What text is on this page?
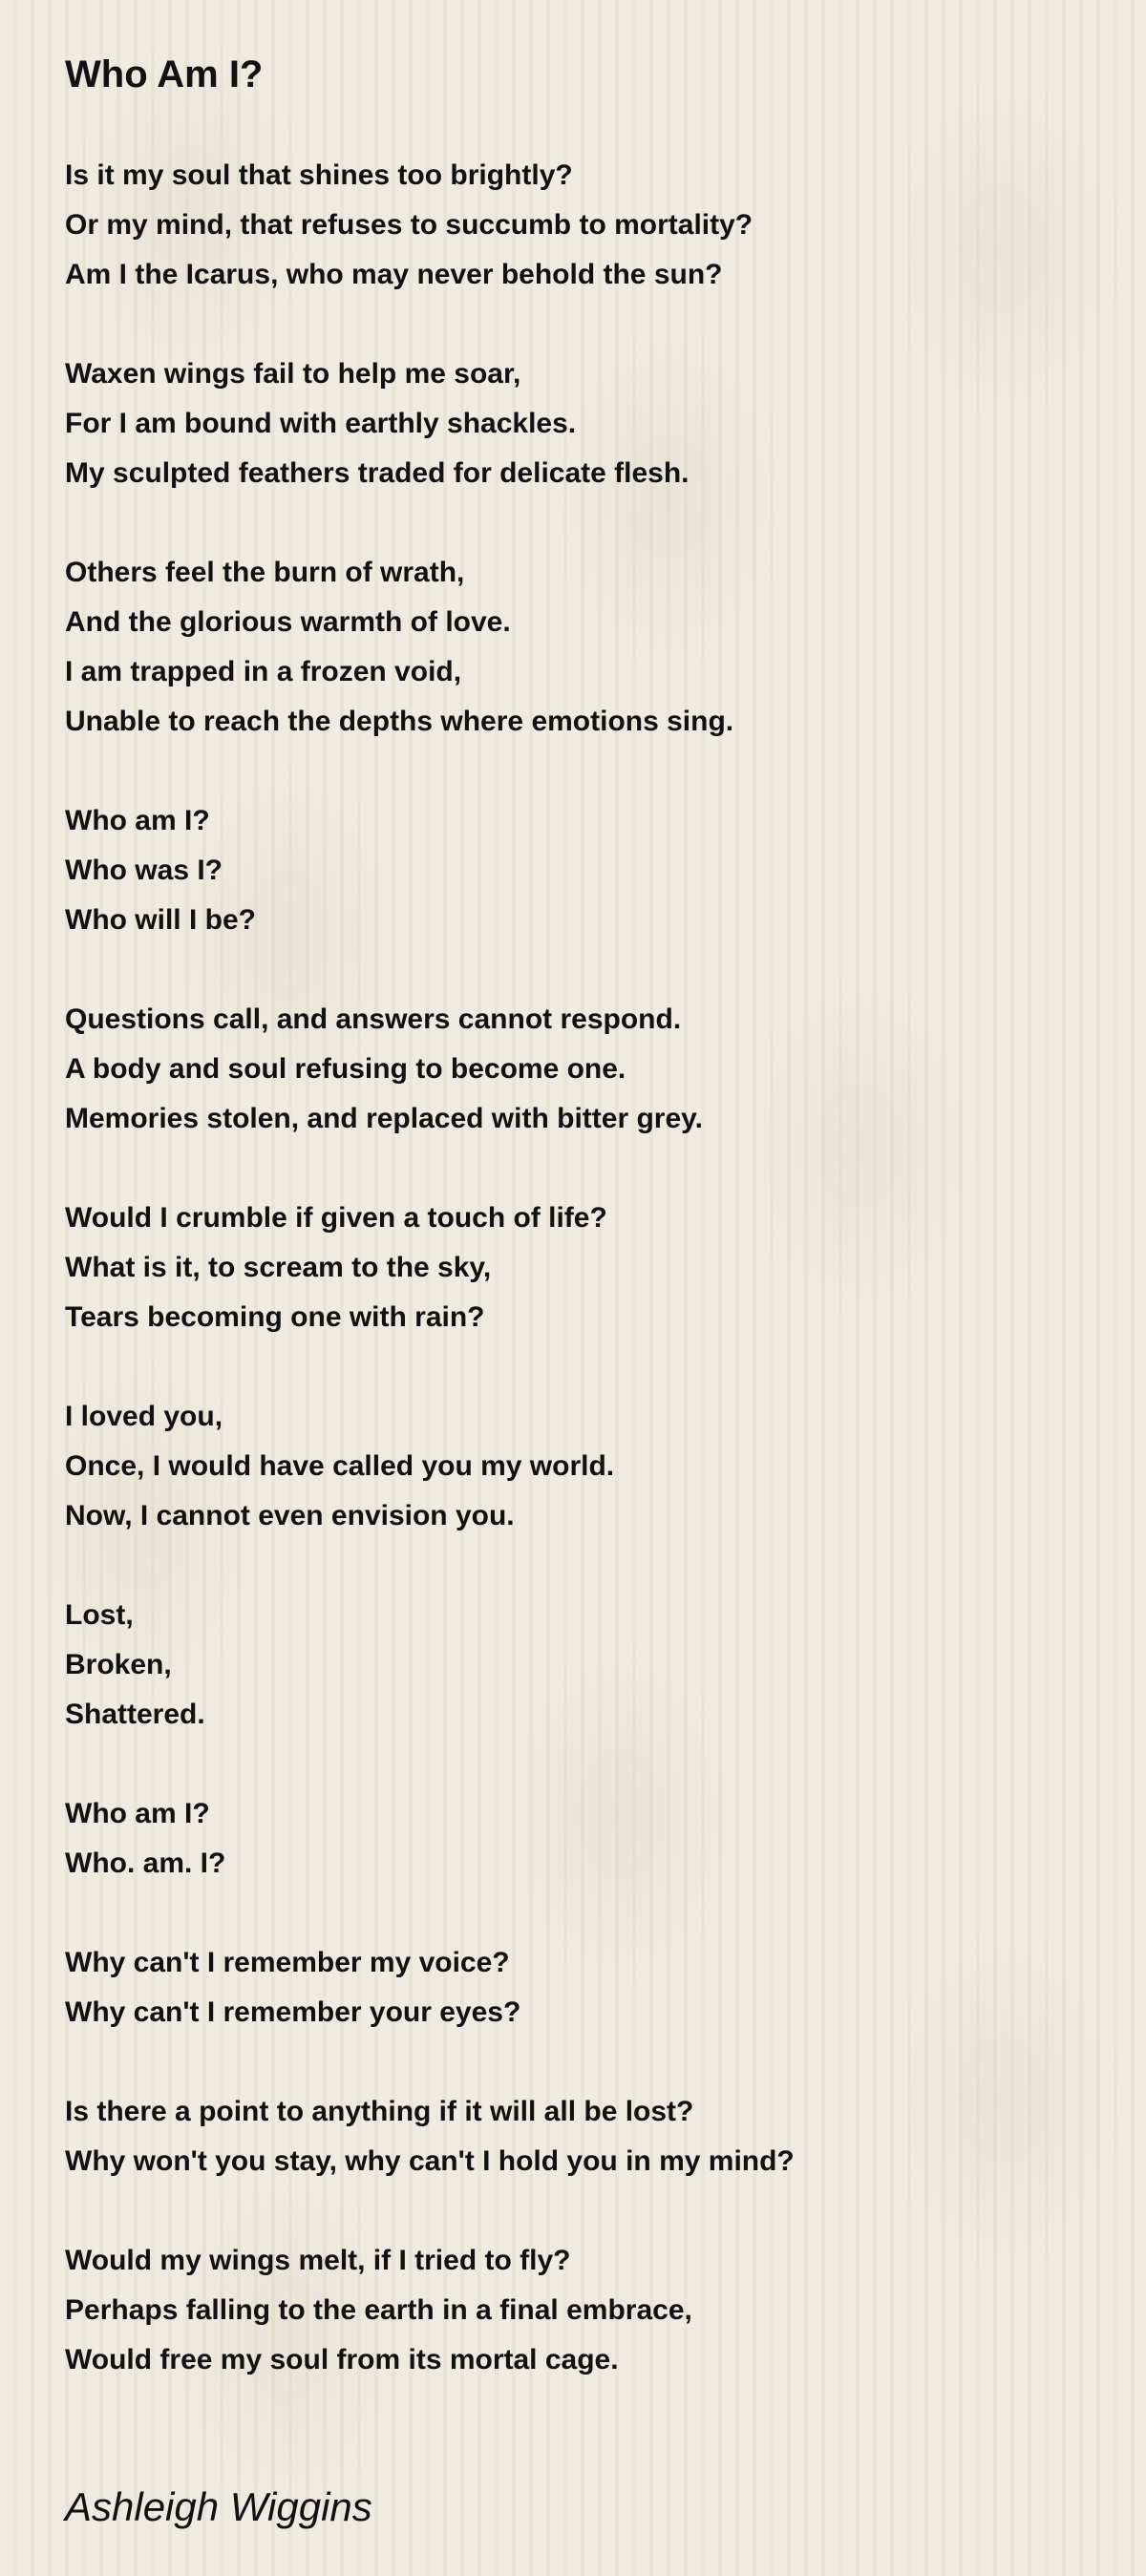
Who Am I?
Is it my soul that shines too brightly?
Or my mind, that refuses to succumb to mortality?
Am I the Icarus, who may never behold the sun?
Waxen wings fail to help me soar,
For I am bound with earthly shackles.
My sculpted feathers traded for delicate flesh.
Others feel the burn of wrath,
And the glorious warmth of love.
I am trapped in a frozen void,
Unable to reach the depths where emotions sing.
Who am I?
Who was I?
Who will I be?
Questions call, and answers cannot respond.
A body and soul refusing to become one.
Memories stolen, and replaced with bitter grey.
Would I crumble if given a touch of life?
What is it, to scream to the sky,
Tears becoming one with rain?
I loved you,
Once, I would have called you my world.
Now, I cannot even envision you.
Lost,
Broken,
Shattered.
Who am I?
Who. am. I?
Why can't I remember my voice?
Why can't I remember your eyes?
Is there a point to anything if it will all be lost?
Why won't you stay, why can't I hold you in my mind?
Would my wings melt, if I tried to fly?
Perhaps falling to the earth in a final embrace,
Would free my soul from its mortal cage.
Ashleigh Wiggins
